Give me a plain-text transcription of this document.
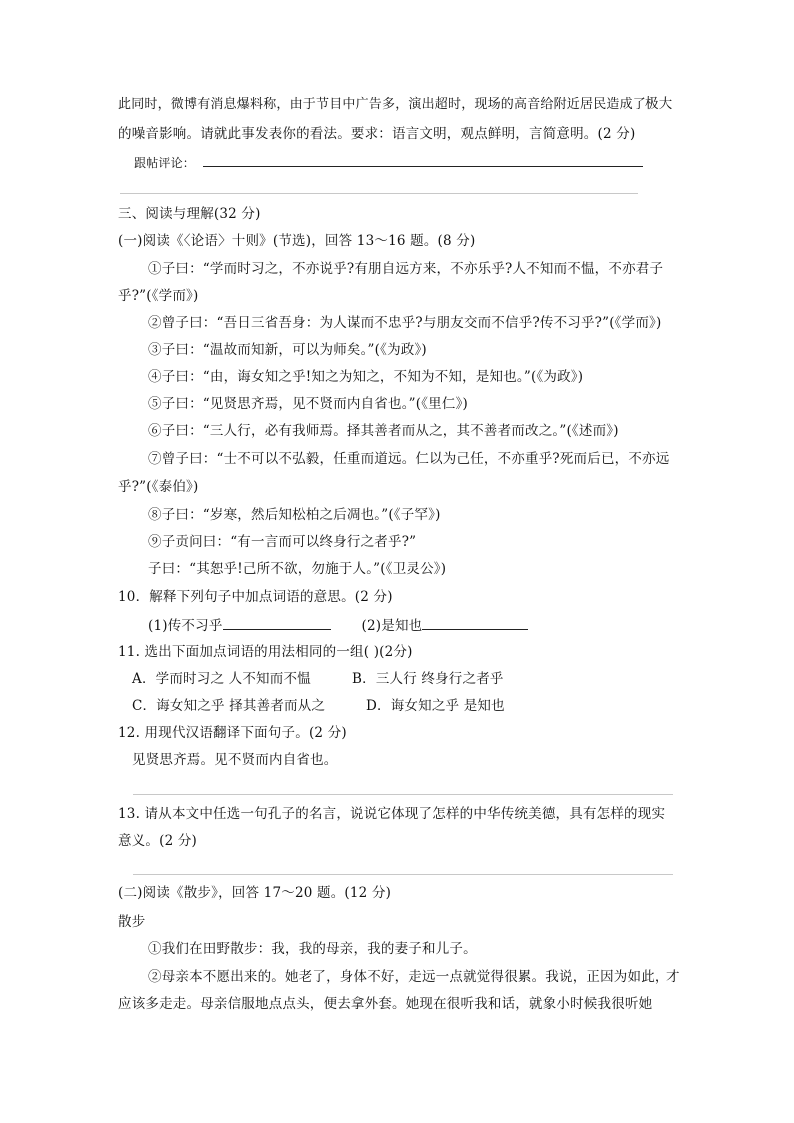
此同时，微博有消息爆料称，由于节目中广告多，演出超时，现场的高音给附近居民造成了
极大
的噪音影响。请就此事发表你的看法。要求：语言文明，观点鲜明，言简意明。(2 分)
跟帖评论：
三、阅读与理解(32 分)
(一)阅读《〈论语〉十则》(节选)，回答 13～16 题。(8 分)
①子曰：“学而时习之，不亦说乎?有朋自远方来，不亦乐乎?人不知而不愠，不亦君子
乎?”(《学而》)
②曾子曰：“吾日三省吾身：为人谋而不忠乎?与朋友交而不信乎?传不习乎?”(《学而》)
③子曰：“温故而知新，可以为师矣。”(《为政》)
④子曰：“由，诲女知之乎!知之为知之，不知为不知，是知也。”(《为政》)
⑤子曰：“见贤思齐焉，见不贤而内自省也。”(《里仁》)
⑥子曰：“三人行，必有我师焉。择其善者而从之，其不善者而改之。”(《述而》)
⑦曾子曰：“士不可以不弘毅，任重而道远。仁以为己任，不亦重乎?死而后已，不亦远
乎?”(《泰伯》)
⑧子曰：“岁寒，然后知松柏之后凋也。”(《子罕》)
⑨子贡问曰：“有一言而可以终身行之者乎?”
子曰：“其恕乎!己所不欲，勿施于人。”(《卫灵公》)
10．解释下列句子中加点词语的意思。(2 分)
(1)传不习乎	(2)是知也
11. 选出下面加点词语的用法相同的一组( )(2分)
A．学而时习之 人不知而不愠	B．三人行 终身行之者乎
C．诲女知之乎 择其善者而从之	D．诲女知之乎 是知也
12. 用现代汉语翻译下面句子。(2 分)
见贤思齐焉。见不贤而内自省也。
13. 请从本文中任选一句孔子的名言，说说它体现了怎样的中华传统美德，具有怎样的现实
意义。(2 分)
(二)阅读《散步》，回答 17～20 题。(12 分)
散步
①我们在田野散步：我，我的母亲，我的妻子和儿子。
②母亲本不愿出来的。她老了，身体不好，走远一点就觉得很累。我说，正因为如此，
才
应该多走走。母亲信服地点点头，便去拿外套。她现在很听我和话，就象小时候我很听她
